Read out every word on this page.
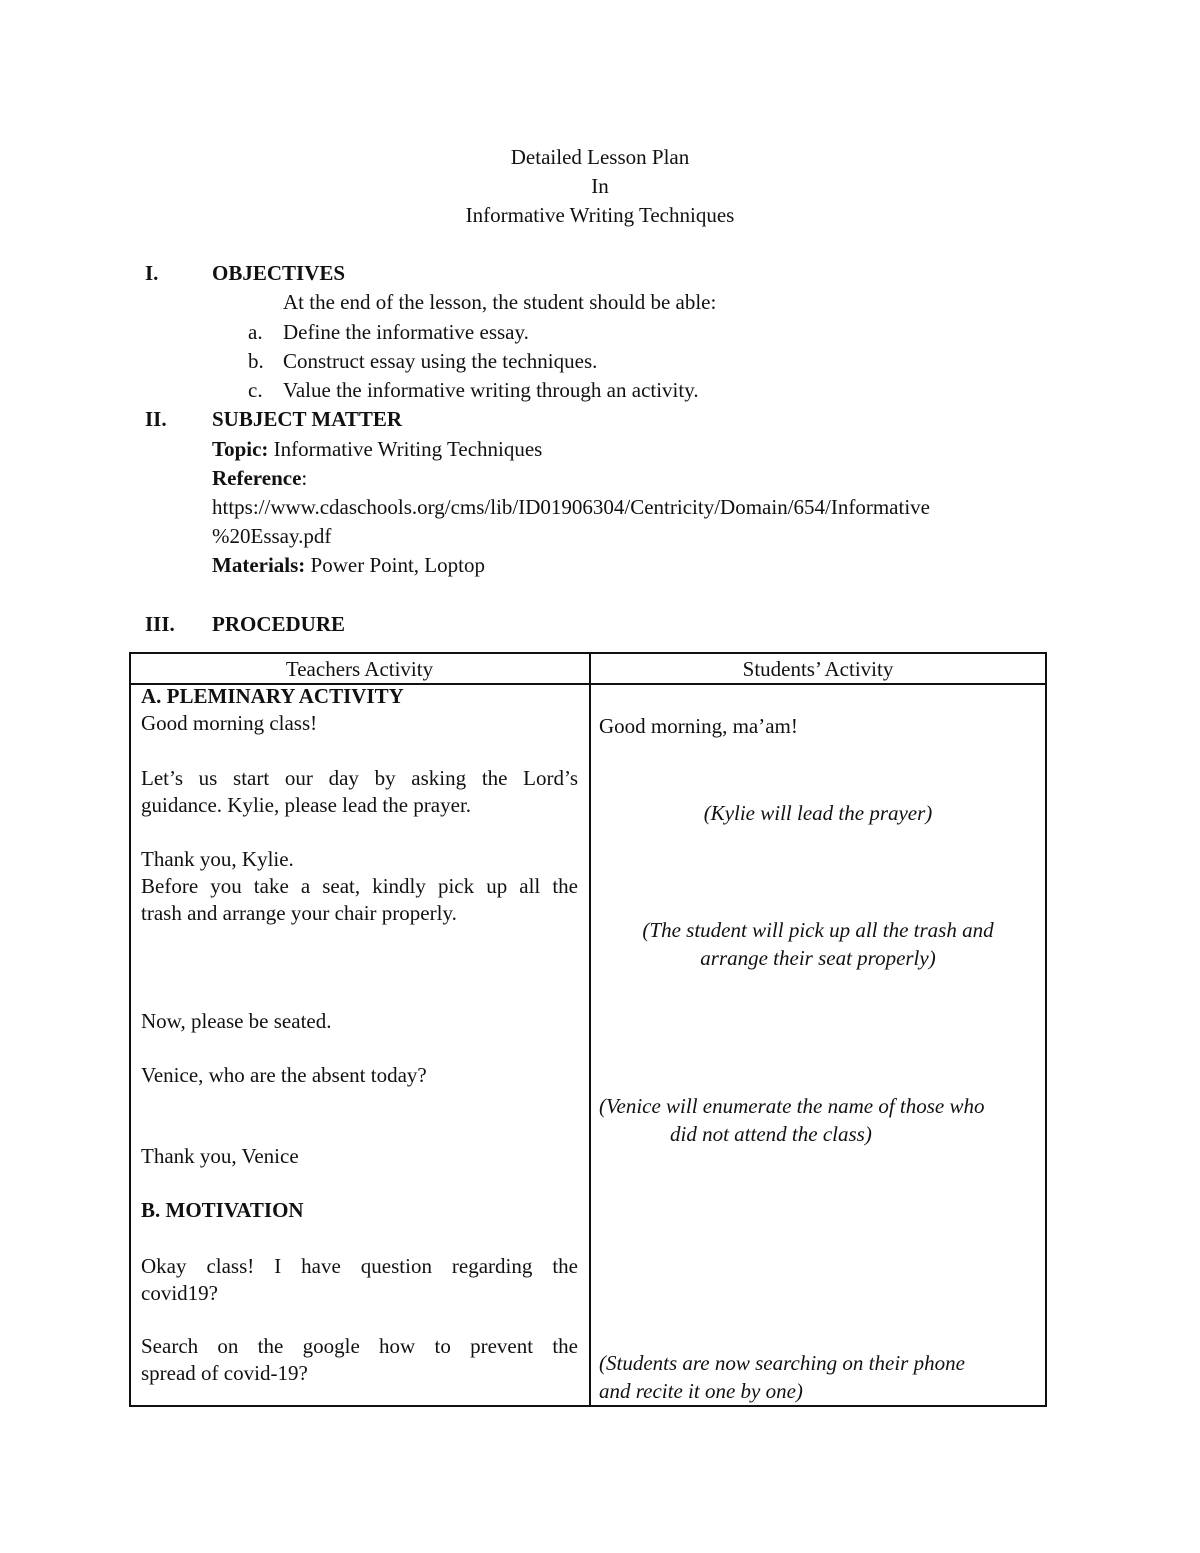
Detailed Lesson Plan
In
Informative Writing Techniques
I.	OBJECTIVES
At the end of the lesson, the student should be able:
a. Define the informative essay.
b. Construct essay using the techniques.
c. Value the informative writing through an activity.
II. SUBJECT MATTER
Topic: Informative Writing Techniques
Reference:
https://www.cdaschools.org/cms/lib/ID01906304/Centricity/Domain/654/Informative
%20Essay.pdf
Materials: Power Point, Loptop
III. PROCEDURE
Teachers Activity	Students’ Activity
A. PLEMINARY ACTIVITY
Good morning class!
Let’s us start our day by asking the Lord’s
guidance. Kylie, please lead the prayer.
Thank you, Kylie.
Before you take a seat, kindly pick up all the
trash and arrange your chair properly.
Now, please be seated.
Venice, who are the absent today?
Thank you, Venice
B. MOTIVATION
Okay class! I have question regarding the
covid19?
Search on the google how to prevent the
spread of covid-19?
Good morning, ma’am!
(Kylie will lead the prayer)
(The student will pick up all the trash and
arrange their seat properly)
(Venice will enumerate the name of those who
did not attend the class)
(Students are now searching on their phone
and recite it one by one)
